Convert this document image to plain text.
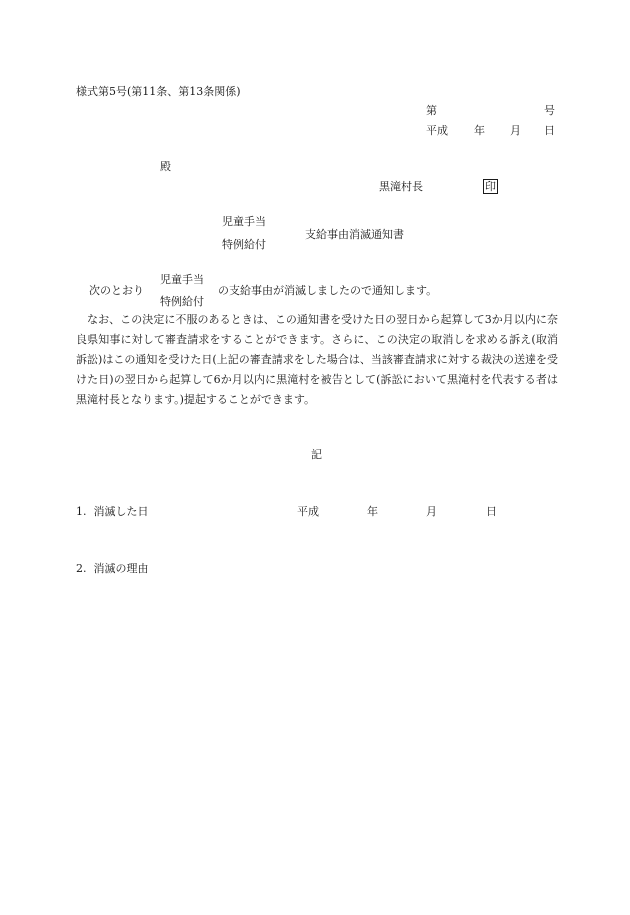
様式第5号(第11条、第13条関係)
第	号
平成 年 月 日
殿
黒滝村長	印
児童手当
支給事由消滅通知書
特例給付
児童手当
次のとおり	の支給事由が消滅しましたので通知します。
特例給付
なお、この決定に不服のあるときは、この通知書を受けた日の翌日から起算して3か月以内に奈良県知事に対して審査請求をすることができます。さらに、この決定の取消しを求める訴え(取消訴訟)はこの通知を受けた日(上記の審査請求をした場合は、当該審査請求に対する裁決の送達を受けた日)の翌日から起算して6か月以内に黒滝村を被告として(訴訟において黒滝村を代表する者は黒滝村長となります。)提起することができます。
記
1.  消滅した日	平成	年	月	日
2.  消滅の理由
